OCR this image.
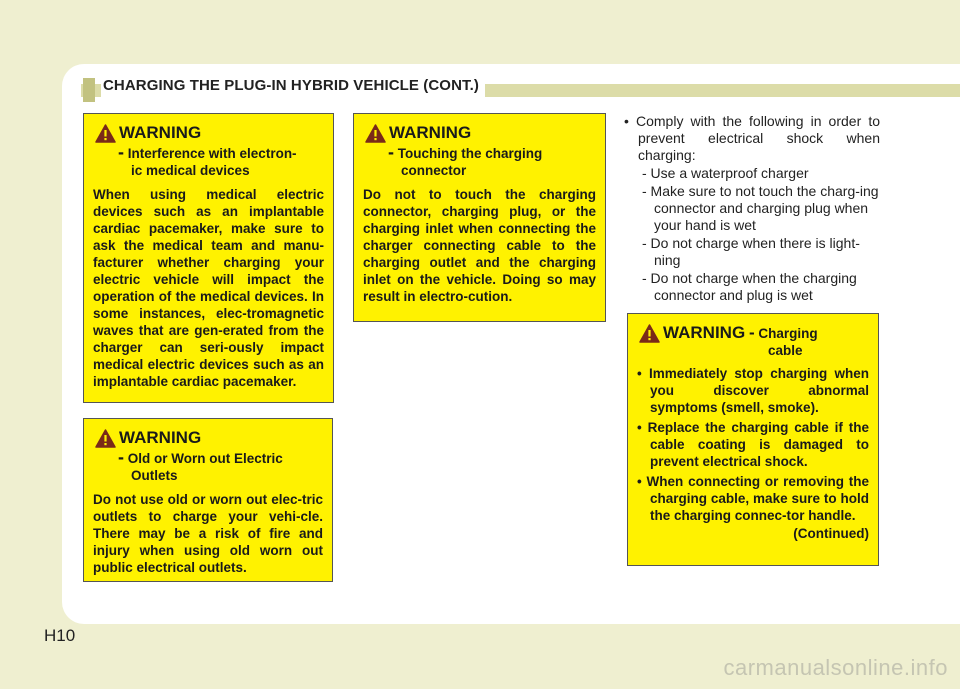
CHARGING THE PLUG-IN HYBRID VEHICLE (CONT.)
WARNING
- Interference with electron-
ic medical devices

When using medical electric devices such as an implantable cardiac pacemaker, make sure to ask the medical team and manu-facturer whether charging your electric vehicle will impact the operation of the medical devices. In some instances, elec-tromagnetic waves that are gen-erated from the charger can seri-ously impact medical electric devices such as an implantable cardiac pacemaker.

WARNING
- Old or Worn out Electric
Outlets

Do not use old or worn out elec-tric outlets to charge your vehi-cle. There may be a risk of fire and injury when using old worn out public electrical outlets.

WARNING
- Touching the charging
connector

Do not to touch the charging connector, charging plug, or the charging inlet when connecting the charger connecting cable to the charging outlet and the charging inlet on the vehicle. Doing so may result in electro-cution.

• Comply with the following in order to prevent electrical shock when charging:
- Use a waterproof charger
- Make sure to not touch the charg-ing connector and charging plug when your hand is wet
- Do not charge when there is light-ning
- Do not charge when the charging connector and plug is wet
WARNING - Charging
cable
• Immediately stop charging when you discover abnormal symptoms (smell, smoke).
• Replace the charging cable if the cable coating is damaged to prevent electrical shock.
• When connecting or removing the charging cable, make sure to hold the charging connec-tor handle.
(Continued)
H10
carmanualsonline.info
